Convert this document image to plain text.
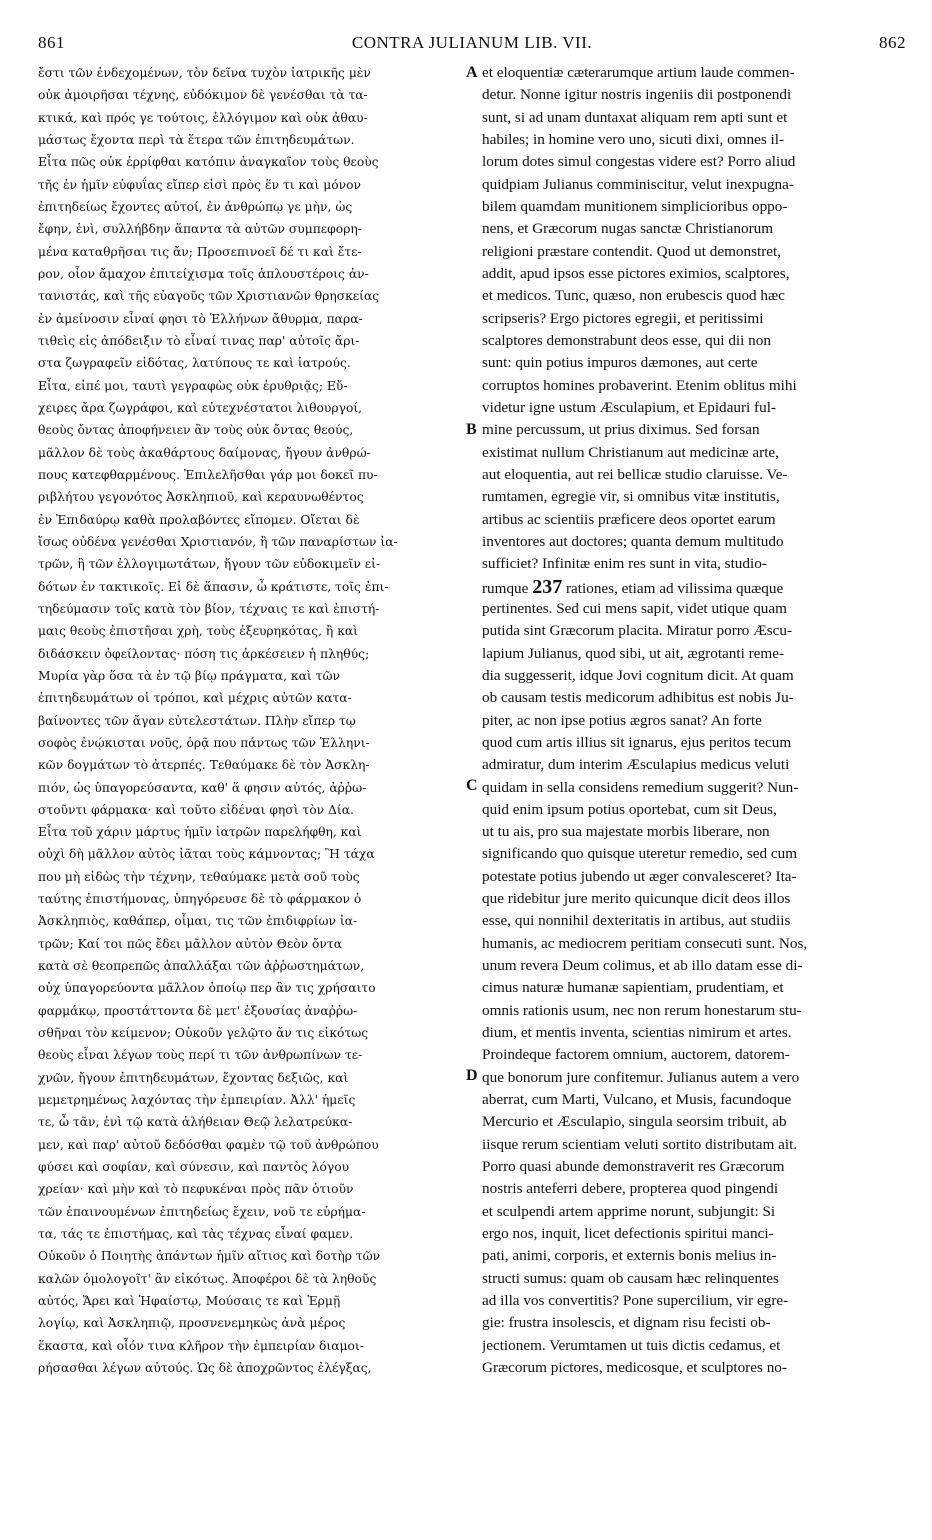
861	CONTRA JULIANUM LIB. VII.	862
ἔστι τῶν ἐνδεχομένων, τὸν δεῖνα τυχὸν ἰατρικῆς μὲν
οὐκ ἀμοιρῆσαι τέχνης, εὐδόκιμον δὲ γενέσθαι τὰ τα-
κτικά, καὶ πρός γε τούτοις, ἐλλόγιμον καὶ οὐκ ἀθαυ-
μάστως ἔχοντα περὶ τὰ ἕτερα τῶν ἐπιτηδευμάτων.
Εἶτα πῶς οὐκ ἐρρίφθαι κατόπιν ἀναγκαῖον τοὺς θεοὺς
τῆς ἐν ἡμῖν εὐφυΐας εἴπερ εἰσὶ πρὸς ἕν τι καὶ μόνον
ἐπιτηδείως ἔχοντες αὐτοί, ἐν ἀνθρώπῳ γε μὴν, ὡς
ἔφην, ἑνὶ, συλλήβδην ἅπαντα τὰ αὐτῶν συμπεφορη-
μένα καταθρῆσαι τις ἄν; Προσεπινοεῖ δέ τι καὶ ἕτε-
ρον, οἷον ἄμαχον ἐπιτείχισμα τοῖς ἁπλουστέροις ἀν-
τανιστάς, καὶ τῆς εὐαγοῦς τῶν Χριστιανῶν θρησκείας
ἐν ἀμείνοσιν εἶναί φησι τὸ Ἑλλήνων ἄθυρμα, παρα-
τιθεὶς εἰς ἀπόδειξιν τὸ εἶναί τινας παρ' αὐτοῖς ἄρι-
στα ζωγραφεῖν εἰδότας, λατύπους τε καὶ ἰατρούς.
Εἶτα, εἰπέ μοι, ταυτὶ γεγραφὼς οὐκ ἐρυθριᾷς; Εὔ-
χειρες ἄρα ζωγράφοι, καὶ εὐτεχνέστατοι λιθουργοί,
θεοὺς ὄντας ἀποφήνειεν ἂν τοὺς οὐκ ὄντας θεούς,
μᾶλλον δὲ τοὺς ἀκαθάρτους δαίμονας, ἤγουν ἀνθρώ-
πους κατεφθαρμένους. Ἐπιλελῆσθαι γάρ μοι δοκεῖ πυ-
ριβλήτου γεγονότος Ἀσκληπιοῦ, καὶ κεραυνωθέντος
ἐν Ἐπιδαύρῳ καθὰ προλαβόντες εἴπομεν. Οἴεται δὲ
ἴσως οὐδένα γενέσθαι Χριστιανόν, ἢ τῶν παναρίστων ἰα-
τρῶν, ἢ τῶν ἐλλογιμωτάτων, ἤγουν τῶν εὐδοκιμεῖν εἰ-
δότων ἐν τακτικοῖς. Εἰ δὲ ἅπασιν, ὦ κράτιστε, τοῖς ἐπι-
τηδεύμασιν τοῖς κατὰ τὸν βίον, τέχναις τε καὶ ἐπιστή-
μαις θεοὺς ἐπιστῆσαι χρὴ, τοὺς ἐξευρηκότας, ἢ καὶ
διδάσκειν ὀφείλοντας· πόση τις ἀρκέσειεν ἡ πληθύς;
Μυρία γὰρ ὅσα τὰ ἐν τῷ βίῳ πράγματα, καὶ τῶν
ἐπιτηδευμάτων οἱ τρόποι, καὶ μέχρις αὐτῶν κατα-
βαίνοντες τῶν ἄγαν εὐτελεστάτων. Πλὴν εἴπερ τῳ
σοφὸς ἐνῴκισται νοῦς, ὁρᾷ που πάντως τῶν Ἑλληνι-
κῶν δογμάτων τὸ ἀτερπές. Τεθαύμακε δὲ τὸν Ἀσκλη-
πιόν, ὡς ὑπαγορεύσαντα, καθ' ἅ φησιν αὐτός, ἀῤῥω-
στοῦντι φάρμακα· καὶ τοῦτο εἰδέναι φησὶ τὸν Δία.
Εἶτα τοῦ χάριν μάρτυς ἡμῖν ἰατρῶν παρελήφθη, καὶ
οὐχὶ δὴ μᾶλλον αὐτὸς ἰᾶται τοὺς κάμνοντας; Ἢ τάχα
που μὴ εἰδὼς τὴν τέχνην, τεθαύμακε μετὰ σοῦ τοὺς
ταύτης ἐπιστήμονας, ὑπηγόρευσε δὲ τὸ φάρμακον ὁ
Ἀσκληπιὸς, καθάπερ, οἶμαι, τις τῶν ἐπιδιφρίων ἰα-
τρῶν; Καί τοι πῶς ἔδει μᾶλλον αὐτὸν Θεὸν ὄντα
κατὰ σὲ θεοπρεπῶς ἀπαλλάξαι τῶν ἀῤῥωστημάτων,
οὐχ ὑπαγορεύοντα μᾶλλον ὁποίῳ περ ἂν τις χρήσαιτο
φαρμάκῳ, προστάττοντα δὲ μετ' ἐξουσίας ἀναῤῥω-
σθῆναι τὸν κείμενον; Οὐκοῦν γελῷτο ἄν τις εἰκότως
θεοὺς εἶναι λέγων τοὺς περί τι τῶν ἀνθρωπίνων τε-
χνῶν, ἤγουν ἐπιτηδευμάτων, ἔχοντας δεξιῶς, καὶ
μεμετρημένως λαχόντας τὴν ἐμπειρίαν. Ἀλλ' ἡμεῖς
τε, ὦ τᾶν, ἑνὶ τῷ κατὰ ἀλήθειαν Θεῷ λελατρεύκα-
μεν, καὶ παρ' αὐτοῦ δεδόσθαι φαμὲν τῷ τοῦ ἀνθρώπου
φύσει καὶ σοφίαν, καὶ σύνεσιν, καὶ παντὸς λόγου
χρείαν· καὶ μὴν καὶ τὸ πεφυκέναι πρὸς πᾶν ὁτιοῦν
τῶν ἐπαινουμένων ἐπιτηδείως ἔχειν, νοῦ τε εὑρήμα-
τα, τάς τε ἐπιστήμας, καὶ τὰς τέχνας εἶναί φαμεν.
Οὐκοῦν ὁ Ποιητὴς ἁπάντων ἡμῖν αἴτιος καὶ δοτὴρ τῶν
καλῶν ὁμολογοῖτ' ἂν εἰκότως. Ἀποφέροι δὲ τὰ ληθοῦς
αὐτός, Ἄρει καὶ Ἡφαίστῳ, Μούσαις τε καὶ Ἑρμῇ
λογίῳ, καὶ Ἀσκληπιῷ, προσνενεμηκὼς ἀνὰ μέρος
ἕκαστα, καὶ οἷόν τινα κλῆρον τὴν ἐμπειρίαν διαμοι-
ρήσασθαι λέγων αὐτούς. Ὡς δὲ ἀποχρῶντος ἐλέγξας,
et eloquentiæ cæterarumque artium laude commen-
detur. Nonne igitur nostris ingeniis dii postponendi
sunt, si ad unam duntaxat aliquam rem apti sunt et
habiles; in homine vero uno, sicuti dixi, omnes il-
lorum dotes simul congestas videre est? Porro aliud
quidpiam Julianus comminiscitur, velut inexpugna-
bilem quamdam munitionem simplicioribus oppo-
nens, et Græcorum nugas sanctæ Christianorum
religioni præstare contendit. Quod ut demonstret,
addit, apud ipsos esse pictores eximios, scalptores,
et medicos. Tunc, quæso, non erubescis quod hæc
scripseris? Ergo pictores egregii, et peritissimi
scalptores demonstrabunt deos esse, qui dii non
sunt: quin potius impuros dæmones, aut certe
corruptos homines probaverint. Etenim oblitus mihi
videtur igne ustum Æsculapium, et Epidauri ful-
mine percussum, ut prius diximus. Sed forsan
existimat nullum Christianum aut medicinæ arte,
aut eloquentia, aut rei bellicæ studio claruisse. Ve-
rumtamen, egregie vir, si omnibus vitæ institutis,
artibus ac scientiis præficere deos oportet earum
inventores aut doctores; quanta demum multitudo
sufficiet? Infinitæ enim res sunt in vita, studio-
rumque 237 rationes, etiam ad vilissima quæque
pertinentes. Sed cui mens sapit, videt utique quam
putida sint Græcorum placita. Miratur porro Æscu-
lapium Julianus, quod sibi, ut ait, ægrotanti reme-
dia suggesserit, idque Jovi cognitum dicit. At quam
ob causam testis medicorum adhibitus est nobis Ju-
piter, ac non ipse potius ægros sanat? An forte
quod cum artis illius sit ignarus, ejus peritos tecum
admiratur, dum interim Æsculapius medicus veluti
quidam in sella considens remedium suggerit? Nun-
quid enim ipsum potius oportebat, cum sit Deus,
ut tu ais, pro sua majestate morbis liberare, non
significando quo quisque uteretur remedio, sed cum
potestate potius jubendo ut æger convalesceret? Ita-
que ridebitur jure merito quicunque dicit deos illos
esse, qui nonnihil dexteritatis in artibus, aut studiis
humanis, ac mediocrem peritiam consecuti sunt. Nos,
unum revera Deum colimus, et ab illo datam esse di-
cimus naturæ humanæ sapientiam, prudentiam, et
omnis rationis usum, nec non rerum honestarum stu-
dium, et mentis inventa, scientias nimirum et artes.
Proindeque factorem omnium, auctorem, datorem-
que bonorum jure confitemur. Julianus autem a vero
aberrat, cum Marti, Vulcano, et Musis, facundoque
Mercurio et Æsculapio, singula seorsim tribuit, ab
iisque rerum scientiam veluti sortito distributam ait.
Porro quasi abunde demonstraverit res Græcorum
nostris anteferri debere, propterea quod pingendi
et sculpendi artem apprime norunt, subjungit: Si
ergo nos, inquit, licet defectionis spiritui manci-
pati, animi, corporis, et externis bonis melius in-
structi sumus: quam ob causam hæc relinquentes
ad illa vos convertitis? Pone supercilium, vir egre-
gie: frustra insolescis, et dignam risu fecisti ob-
jectionem. Verumtamen ut tuis dictis cedamus, et
Græcorum pictores, medicosque, et sculptores no-
A
B
C
D
